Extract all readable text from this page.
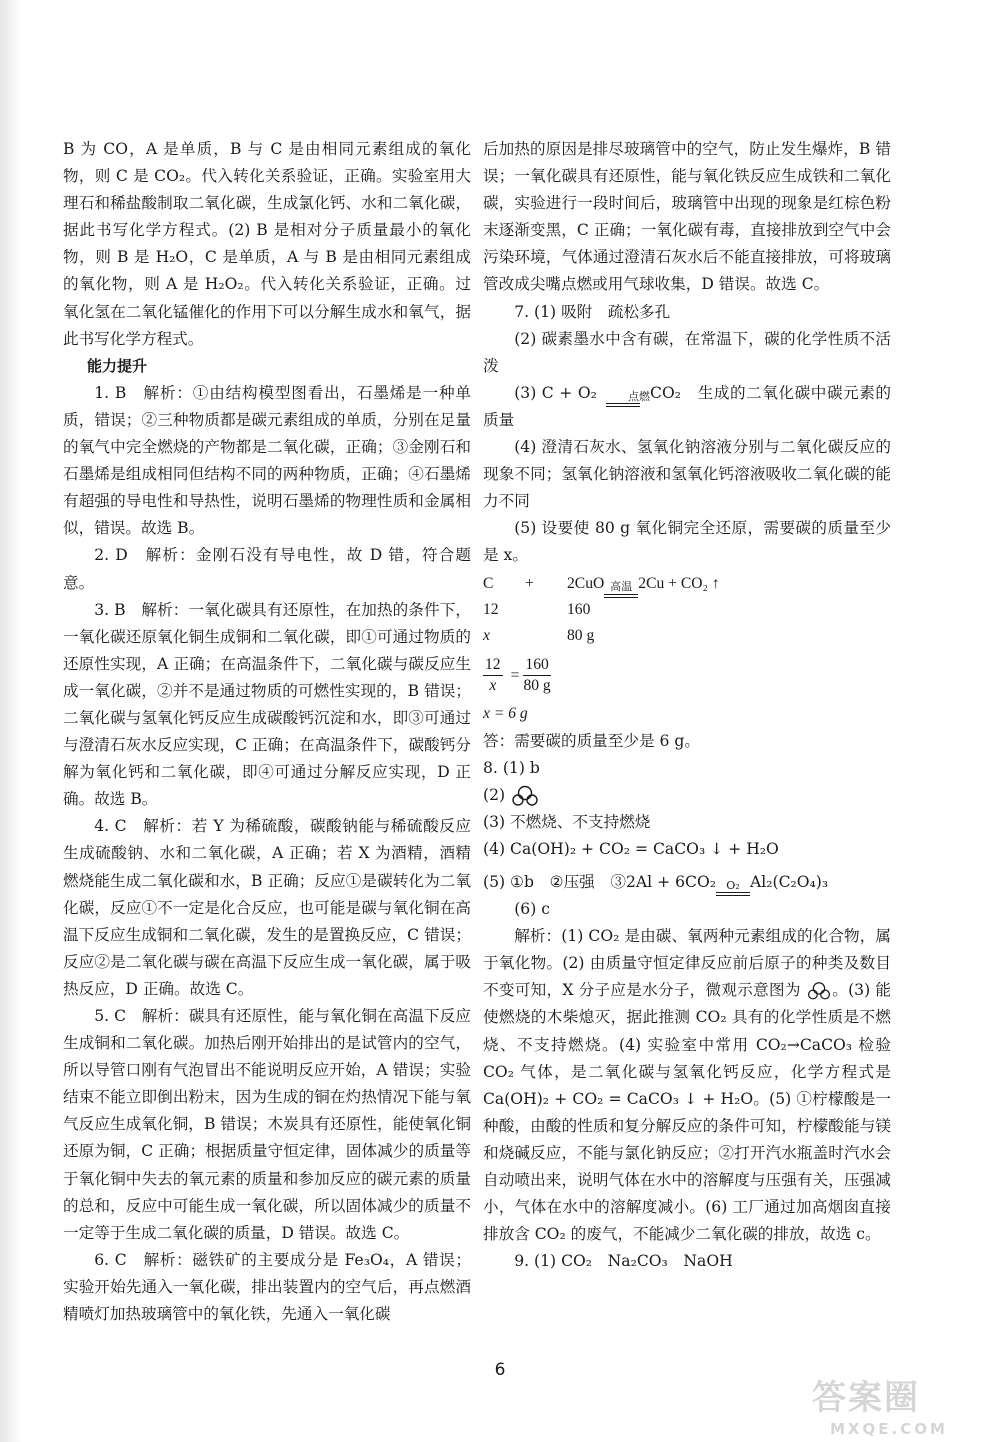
B 为 CO，A 是单质，B 与 C 是由相同元素组成的氧化物，则 C 是 CO₂。代入转化关系验证，正确。实验室用大理石和稀盐酸制取二氧化碳，生成氯化钙、水和二氧化碳，据此书写化学方程式。(2) B 是相对分子质量最小的氧化物，则 B 是 H₂O，C 是单质，A 与 B 是由相同元素组成的氧化物，则 A 是 H₂O₂。代入转化关系验证，正确。过氧化氢在二氧化锰催化的作用下可以分解生成水和氧气，据此书写化学方程式。

能力提升

1. B　解析：①由结构模型图看出，石墨烯是一种单质，错误；②三种物质都是碳元素组成的单质，分别在足量的氧气中完全燃烧的产物都是二氧化碳，正确；③金刚石和石墨烯是组成相同但结构不同的两种物质，正确；④石墨烯有超强的导电性和导热性，说明石墨烯的物理性质和金属相似，错误。故选 B。

2. D　解析：金刚石没有导电性，故 D 错，符合题意。

3. B　解析：一氧化碳具有还原性，在加热的条件下，一氧化碳还原氧化铜生成铜和二氧化碳，即①可通过物质的还原性实现，A 正确；在高温条件下，二氧化碳与碳反应生成一氧化碳，②并不是通过物质的可燃性实现的，B 错误；二氧化碳与氢氧化钙反应生成碳酸钙沉淀和水，即③可通过与澄清石灰水反应实现，C 正确；在高温条件下，碳酸钙分解为氧化钙和二氧化碳，即④可通过分解反应实现，D 正确。故选 B。

4. C　解析：若 Y 为稀硫酸，碳酸钠能与稀硫酸反应生成硫酸钠、水和二氧化碳，A 正确；若 X 为酒精，酒精燃烧能生成二氧化碳和水，B 正确；反应①是碳转化为二氧化碳，反应①不一定是化合反应，也可能是碳与氧化铜在高温下反应生成铜和二氧化碳，发生的是置换反应，C 错误；反应②是二氧化碳与碳在高温下反应生成一氧化碳，属于吸热反应，D 正确。故选 C。

5. C　解析：碳具有还原性，能与氧化铜在高温下反应生成铜和二氧化碳。加热后刚开始排出的是试管内的空气，所以导管口刚有气泡冒出不能说明反应开始，A 错误；实验结束不能立即倒出粉末，因为生成的铜在灼热情况下能与氧气反应生成氧化铜，B 错误；木炭具有还原性，能使氧化铜还原为铜，C 正确；根据质量守恒定律，固体减少的质量等于氧化铜中失去的氧元素的质量和参加反应的碳元素的质量的总和，反应中可能生成一氧化碳，所以固体减少的质量不一定等于生成二氧化碳的质量，D 错误。故选 C。

6. C　解析：磁铁矿的主要成分是 Fe₃O₄，A 错误；实验开始先通入一氧化碳，排出装置内的空气后，再点燃酒精喷灯加热玻璃管中的氧化铁，先通入一氧化碳

后加热的原因是排尽玻璃管中的空气，防止发生爆炸，B 错误；一氧化碳具有还原性，能与氧化铁反应生成铁和二氧化碳，实验进行一段时间后，玻璃管中出现的现象是红棕色粉末逐渐变黑，C 正确；一氧化碳有毒，直接排放到空气中会污染环境，气体通过澄清石灰水后不能直接排放，可将玻璃管改成尖嘴点燃或用气球收集，D 错误。故选 C。

7. (1) 吸附　疏松多孔

(2) 碳素墨水中含有碳，在常温下，碳的化学性质不活泼

(3) C + O₂	点燃 CO₂　生成的二氧化碳中碳元素的质量

(4) 澄清石灰水、氢氧化钠溶液分别与二氧化碳反应的现象不同；氢氧化钠溶液和氢氧化钙溶液吸收二氧化碳的能力不同

(5) 设要使 80 g 氧化铜完全还原，需要碳的质量至少是 x。

C	+	2CuO 高温 2Cu + CO₂ ↑
12	160
x	80 g
$\frac{12}{x} = \frac{160}{80 g}$
x = 6 g

答：需要碳的质量至少是 6 g。

8. (1) b

(2)

(3) 不燃烧、不支持燃烧

(4) Ca(OH)₂ + CO₂ = CaCO₃ ↓ + H₂O

(5) ①b　②压强　③2Al + 6CO₂ O₂ Al₂(C₂O₄)₃

(6) c

解析：(1) CO₂ 是由碳、氧两种元素组成的化合物，属于氧化物。(2) 由质量守恒定律反应前后原子的种类及数目不变可知，X 分子应是水分子，微观示意图为 。(3) 能使燃烧的木柴熄灭，据此推测 CO₂ 具有的化学性质是不燃烧、不支持燃烧。(4) 实验室中常用 CO₂→CaCO₃ 检验 CO₂ 气体，是二氧化碳与氢氧化钙反应，化学方程式是 Ca(OH)₂ + CO₂ = CaCO₃ ↓ + H₂O。(5) ①柠檬酸是一种酸，由酸的性质和复分解反应的条件可知，柠檬酸能与镁和烧碱反应，不能与氯化钠反应；②打开汽水瓶盖时汽水会自动喷出来，说明气体在水中的溶解度与压强有关，压强减小，气体在水中的溶解度减小。(6) 工厂通过加高烟囱直接排放含 CO₂ 的废气，不能减少二氧化碳的排放，故选 c。

9. (1) CO₂　Na₂CO₃　NaOH

6
答案圈
MXQE.COM
